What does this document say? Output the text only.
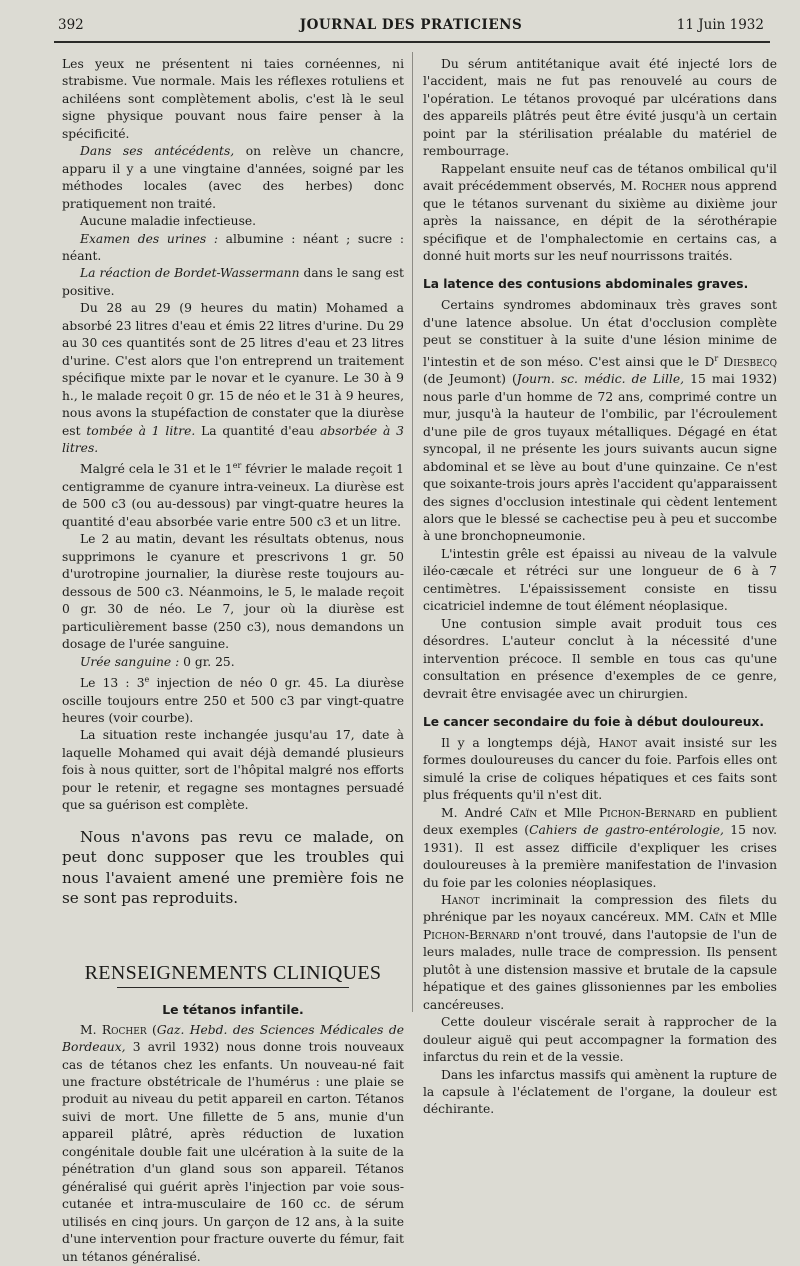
392	JOURNAL DES PRATICIENS	11 Juin 1932

Les yeux ne présentent ni taies cornéennes, ni strabisme. Vue normale. Mais les réflexes rotuliens et achiléens sont complètement abolis, c'est là le seul signe physique pouvant nous faire penser à la spécificité.

Dans ses antécédents, on relève un chancre, apparu il y a une vingtaine d'années, soigné par les méthodes locales (avec des herbes) donc pratiquement non traité.

Aucune maladie infectieuse.

Examen des urines : albumine : néant ; sucre : néant.

La réaction de Bordet-Wassermann dans le sang est positive.

Du 28 au 29 (9 heures du matin) Mohamed a absorbé 23 litres d'eau et émis 22 litres d'urine. Du 29 au 30 ces quantités sont de 25 litres d'eau et 23 litres d'urine. C'est alors que l'on entreprend un traitement spécifique mixte par le novar et le cyanure. Le 30 à 9 h., le malade reçoit 0 gr. 15 de néo et le 31 à 9 heures, nous avons la stupéfaction de constater que la diurèse est tombée à 1 litre. La quantité d'eau absorbée à 3 litres.

Malgré cela le 31 et le 1er février le malade reçoit 1 centigramme de cyanure intra-veineux. La diurèse est de 500 c3 (ou au-dessous) par vingt-quatre heures la quantité d'eau absorbée varie entre 500 c3 et un litre.

Le 2 au matin, devant les résultats obtenus, nous supprimons le cyanure et prescrivons 1 gr. 50 d'urotropine journalier, la diurèse reste toujours au-dessous de 500 c3. Néanmoins, le 5, le malade reçoit 0 gr. 30 de néo. Le 7, jour où la diurèse est particulièrement basse (250 c3), nous demandons un dosage de l'urée sanguine.

Urée sanguine : 0 gr. 25.

Le 13 : 3e injection de néo 0 gr. 45. La diurèse oscille toujours entre 250 et 500 c3 par vingt-quatre heures (voir courbe).

La situation reste inchangée jusqu'au 17, date à laquelle Mohamed qui avait déjà demandé plusieurs fois à nous quitter, sort de l'hôpital malgré nos efforts pour le retenir, et regagne ses montagnes persuadé que sa guérison est complète.

Nous n'avons pas revu ce malade, on peut donc supposer que les troubles qui nous l'avaient amené une première fois ne se sont pas reproduits.

RENSEIGNEMENTS CLINIQUES
Le tétanos infantile.

M. Rocher (Gaz. Hebd. des Sciences Médicales de Bordeaux, 3 avril 1932) nous donne trois nouveaux cas de tétanos chez les enfants. Un nouveau-né fait une fracture obstétricale de l'humérus : une plaie se produit au niveau du petit appareil en carton. Tétanos suivi de mort. Une fillette de 5 ans, munie d'un appareil plâtré, après réduction de luxation congénitale double fait une ulcération à la suite de la pénétration d'un gland sous son appareil. Tétanos généralisé qui guérit après l'injection par voie sous-cutanée et intra-musculaire de 160 cc. de sérum utilisés en cinq jours. Un garçon de 12 ans, à la suite d'une intervention pour fracture ouverte du fémur, fait un tétanos généralisé.

Du sérum antitétanique avait été injecté lors de l'accident, mais ne fut pas renouvelé au cours de l'opération. Le tétanos provoqué par ulcérations dans des appareils plâtrés peut être évité jusqu'à un certain point par la stérilisation préalable du matériel de rembourrage.

Rappelant ensuite neuf cas de tétanos ombilical qu'il avait précédemment observés, M. Rocher nous apprend que le tétanos survenant du sixième au dixième jour après la naissance, en dépit de la sérothérapie spécifique et de l'omphalectomie en certains cas, a donné huit morts sur les neuf nourrissons traités.

La latence des contusions abdominales graves.

Certains syndromes abdominaux très graves sont d'une latence absolue. Un état d'occlusion complète peut se constituer à la suite d'une lésion minime de l'intestin et de son méso. C'est ainsi que le $D^r$ Diesbecq (de Jeumont) (Journ. sc. médic. de Lille, 15 mai 1932) nous parle d'un homme de 72 ans, comprimé contre un mur, jusqu'à la hauteur de l'ombilic, par l'écroulement d'une pile de gros tuyaux métalliques. Dégagé en état syncopal, il ne présente les jours suivants aucun signe abdominal et se lève au bout d'une quinzaine. Ce n'est que soixante-trois jours après l'accident qu'apparaissent des signes d'occlusion intestinale qui cèdent lentement alors que le blessé se cachectise peu à peu et succombe à une bronchopneumonie.

L'intestin grêle est épaissi au niveau de la valvule iléo-cæcale et rétréci sur une longueur de 6 à 7 centimètres. L'épaississement consiste en tissu cicatriciel indemne de tout élément néoplasique.

Une contusion simple avait produit tous ces désordres. L'auteur conclut à la nécessité d'une intervention précoce. Il semble en tous cas qu'une consultation en présence d'exemples de ce genre, devrait être envisagée avec un chirurgien.

Le cancer secondaire du foie à début douloureux.

Il y a longtemps déjà, Hanot avait insisté sur les formes douloureuses du cancer du foie. Parfois elles ont simulé la crise de coliques hépatiques et ces faits sont plus fréquents qu'il n'est dit.

M. André Caïn et Mlle Pichon-Bernard en publient deux exemples (Cahiers de gastro-entérologie, 15 nov. 1931). Il est assez difficile d'expliquer les crises douloureuses à la première manifestation de l'invasion du foie par les colonies néoplasiques.

Hanot incriminait la compression des filets du phrénique par les noyaux cancéreux. MM. Caïn et Mlle Pichon-Bernard n'ont trouvé, dans l'autopsie de l'un de leurs malades, nulle trace de compression. Ils pensent plutôt à une distension massive et brutale de la capsule hépatique et des gaines glissoniennes par les embolies cancéreuses.

Cette douleur viscérale serait à rapprocher de la douleur aiguë qui peut accompagner la formation des infarctus du rein et de la vessie.

Dans les infarctus massifs qui amènent la rupture de la capsule à l'éclatement de l'organe, la douleur est déchirante.
